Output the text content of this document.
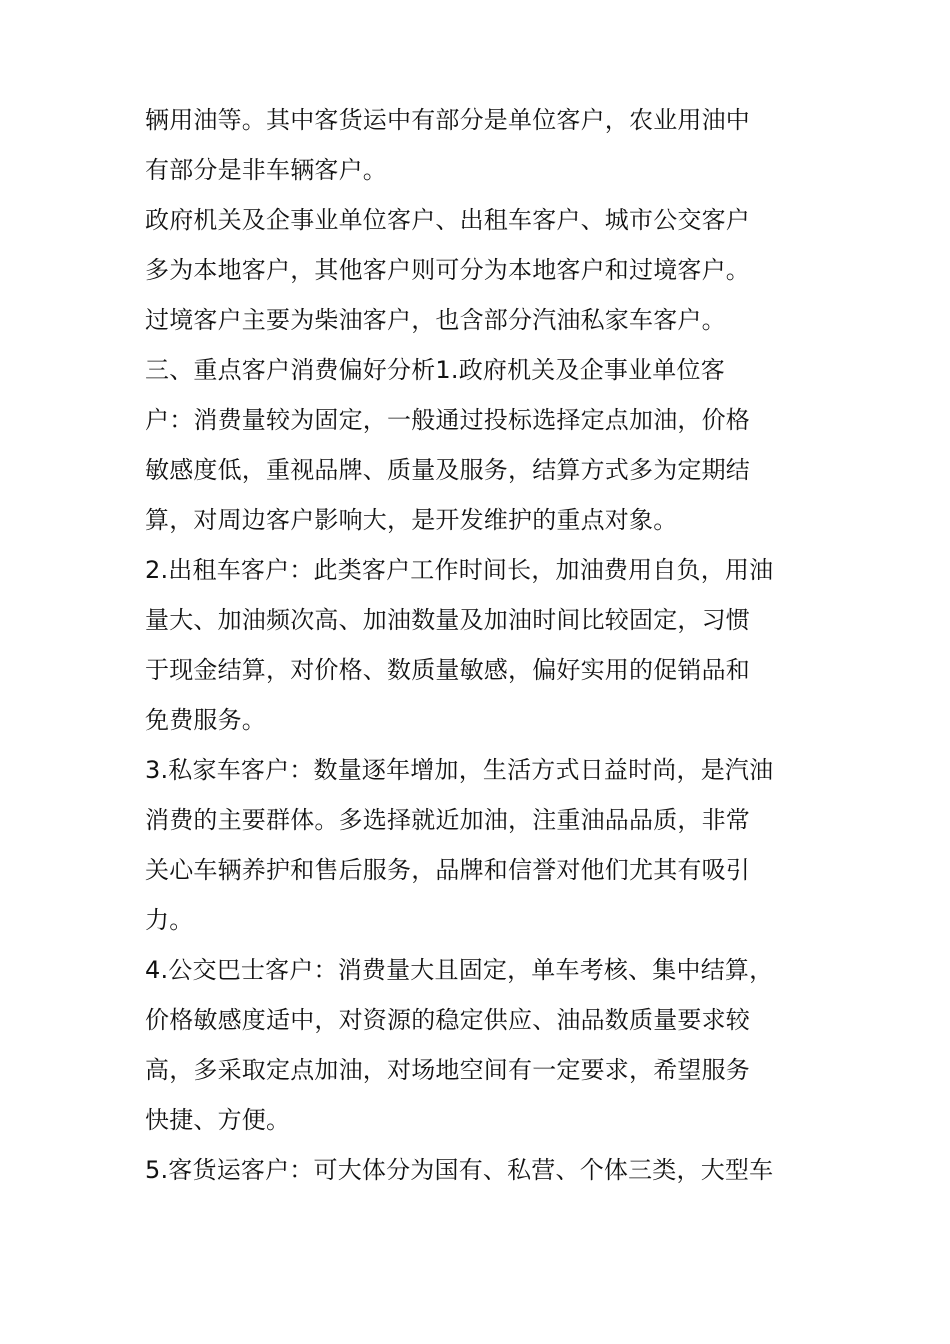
辆用油等。其中客货运中有部分是单位客户，农业用油中
有部分是非车辆客户。
政府机关及企事业单位客户、出租车客户、城市公交客户
多为本地客户，其他客户则可分为本地客户和过境客户。
过境客户主要为柴油客户，也含部分汽油私家车客户。
三、重点客户消费偏好分析1.政府机关及企事业单位客
户：消费量较为固定，一般通过投标选择定点加油，价格
敏感度低，重视品牌、质量及服务，结算方式多为定期结
算，对周边客户影响大，是开发维护的重点对象。
2.出租车客户：此类客户工作时间长，加油费用自负，用油
量大、加油频次高、加油数量及加油时间比较固定，习惯
于现金结算，对价格、数质量敏感，偏好实用的促销品和
免费服务。
3.私家车客户：数量逐年增加，生活方式日益时尚，是汽油
消费的主要群体。多选择就近加油，注重油品品质，非常
关心车辆养护和售后服务，品牌和信誉对他们尤其有吸引
力。
4.公交巴士客户：消费量大且固定，单车考核、集中结算，
价格敏感度适中，对资源的稳定供应、油品数质量要求较
高，多采取定点加油，对场地空间有一定要求，希望服务
快捷、方便。
5.客货运客户：可大体分为国有、私营、个体三类，大型车
